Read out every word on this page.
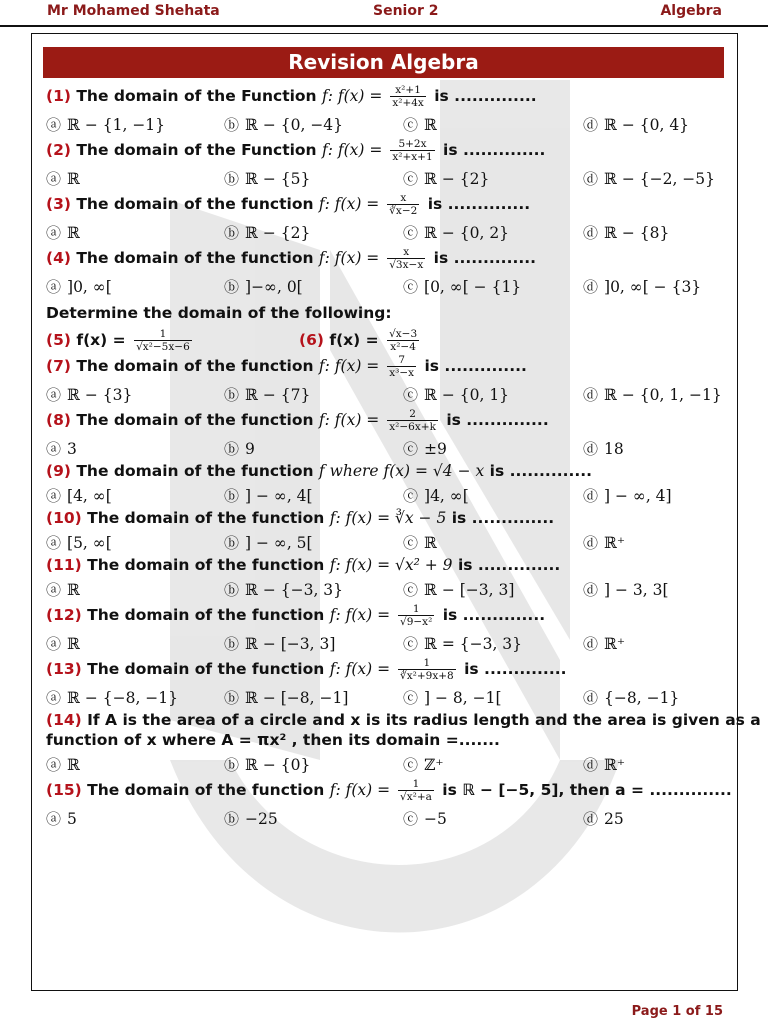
Mr Mohamed Shehata	Senior 2	Algebra
Revision Algebra
(1) The domain of the Function f: $f(x) = \frac{\text{x²+1}}{\text{x²+4x}}$ is ..............
ⓐ ℝ − {1, −1}	ⓑ ℝ − {0, −4}	ⓒ ℝ	ⓓ ℝ − {0, 4}
(2) The domain of the Function f: $f(x) = \frac{5+2x}{\text{x²+x+1}}$ is ..............
ⓐ ℝ	ⓑ ℝ − {5}	ⓒ ℝ − {2}	ⓓ ℝ − {−2, −5}
(3) The domain of the function f: $f(x) = \frac{x}{∛x-2}$ is ..............
ⓐ ℝ	ⓑ ℝ − {2}	ⓒ ℝ − {0, 2}	ⓓ ℝ − {8}
(4) The domain of the function f: $f(x) = \frac{x}{√3x-x}$ is ..............
ⓐ ]0, ∞[	ⓑ ]−∞, 0[	ⓒ [0, ∞[ − {1}	ⓓ ]0, ∞[ − {3}
Determine the domain of the following:
(5) $f(x) = \frac{1}{\text{√x²−5x−6}}$	(6) $f(x) = \frac{√x-3}{\text{x²−4}}$
(7) The domain of the function f: $f(x) = \frac{7}{\text{x³−x}}$ is ..............
ⓐ ℝ − {3}	ⓑ ℝ − {7}	ⓒ ℝ − {0, 1}	ⓓ ℝ − {0, 1, −1}
(8) The domain of the function f: $f(x) = \frac{2}{\text{x²−6x+k}}$ is ..............
ⓐ 3	ⓑ 9	ⓒ ±9	ⓓ 18
(9) The domain of the function f where f(x) = √4 − x is ..............
ⓐ [4, ∞[	ⓑ ] − ∞, 4[	ⓒ ]4, ∞[	ⓓ ] − ∞, 4]
(10) The domain of the function f: f(x) = ∛x − 5 is ..............
ⓐ [5, ∞[	ⓑ ] − ∞, 5[	ⓒ ℝ	ⓓ ℝ⁺
(11) The domain of the function f: f(x) = √x² + 9 is ..............
ⓐ ℝ	ⓑ ℝ − {−3, 3}	ⓒ ℝ − [−3, 3]	ⓓ ] − 3, 3[
(12) The domain of the function f: $f(x) = \frac{1}{\text{√9−x²}}$ is ..............
ⓐ ℝ	ⓑ ℝ − [−3, 3]	ⓒ ℝ = {−3, 3}	ⓓ ℝ⁺
(13) The domain of the function f: $f(x) = \frac{1}{\text{∛x²+9x+8}}$ is ..............
ⓐ ℝ − {−8, −1}	ⓑ ℝ − [−8, −1]	ⓒ ] − 8, −1[	ⓓ {−8, −1}
(14) If A is the area of a circle and x is its radius length and the area is given as a
function of x where A = πx² , then its domain =.......
ⓐ ℝ	ⓑ ℝ − {0}	ⓒ ℤ⁺	ⓓ ℝ⁺
(15) The domain of the function f: $f(x) = \frac{1}{\text{√x²+a}}$ is ℝ − [−5, 5], then a = ..............
ⓐ 5	ⓑ −25	ⓒ −5	ⓓ 25
Page 1 of 15
